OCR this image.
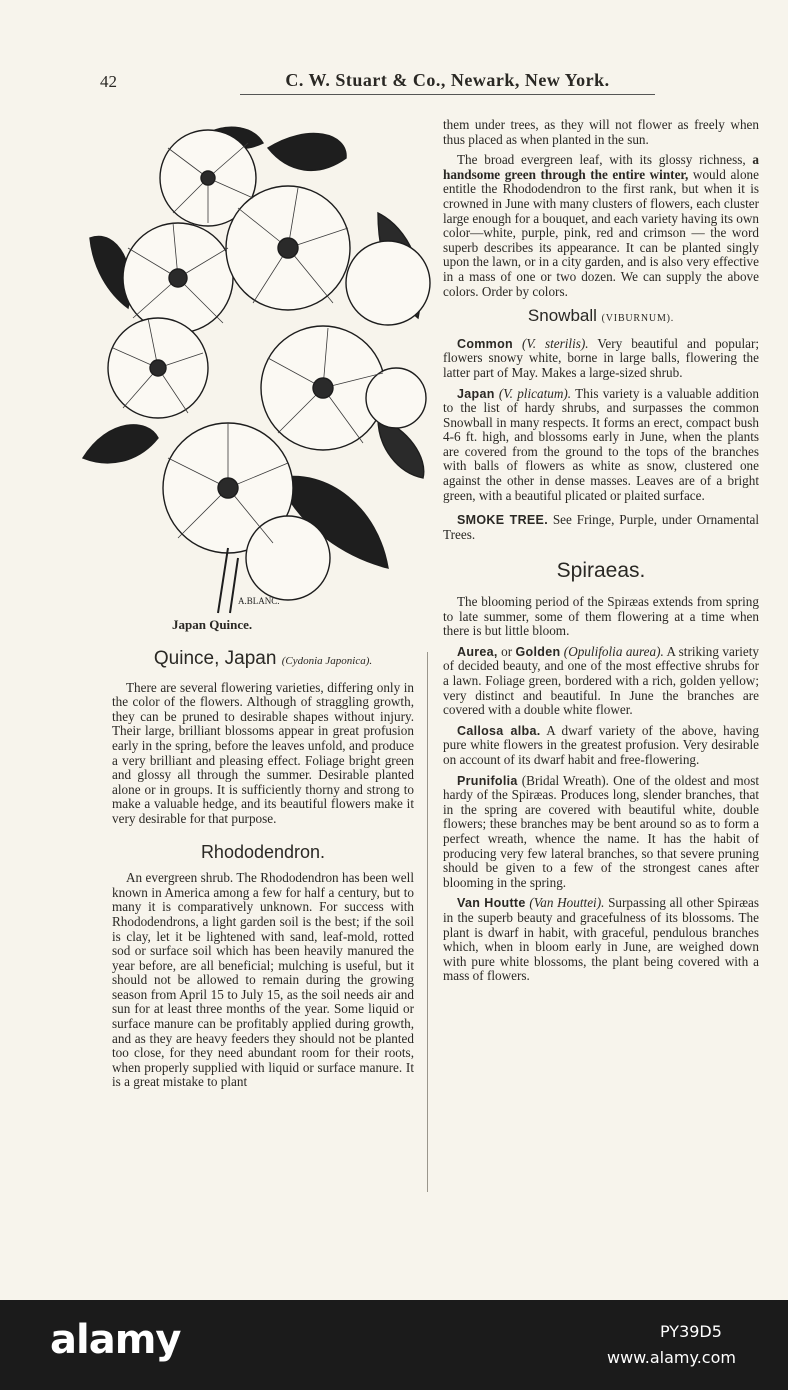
42	C. W. Stuart & Co., Newark, New York.
A.BLANC.
Japan Quince.
Quince, Japan (Cydonia Japonica).

There are several flowering varieties, differing only in the color of the flowers. Although of straggling growth, they can be pruned to desirable shapes without injury. Their large, brilliant blossoms appear in great profusion early in the spring, before the leaves unfold, and produce a very brilliant and pleasing effect. Foliage bright green and glossy all through the summer. Desirable planted alone or in groups. It is sufficiently thorny and strong to make a valuable hedge, and its beautiful flowers make it very desirable for that purpose.

Rhododendron.

An evergreen shrub. The Rhododendron has been well known in America among a few for half a century, but to many it is comparatively unknown. For success with Rhododendrons, a light garden soil is the best; if the soil is clay, let it be lightened with sand, leaf-mold, rotted sod or surface soil which has been heavily manured the year before, are all beneficial; mulching is useful, but it should not be allowed to remain during the growing season from April 15 to July 15, as the soil needs air and sun for at least three months of the year. Some liquid or surface manure can be profitably applied during growth, and as they are heavy feeders they should not be planted too close, for they need abundant room for their roots, when properly supplied with liquid or surface manure. It is a great mistake to plant

them under trees, as they will not flower as freely when thus placed as when planted in the sun.

The broad evergreen leaf, with its glossy richness, a handsome green through the entire winter, would alone entitle the Rhododendron to the first rank, but when it is crowned in June with many clusters of flowers, each cluster large enough for a bouquet, and each variety having its own color—white, purple, pink, red and crimson — the word superb describes its appearance. It can be planted singly upon the lawn, or in a city garden, and is also very effective in a mass of one or two dozen. We can supply the above colors. Order by colors.

Snowball (VIBURNUM).

Common (V. sterilis). Very beautiful and popular; flowers snowy white, borne in large balls, flowering the latter part of May. Makes a large-sized shrub.

Japan (V. plicatum). This variety is a valuable addition to the list of hardy shrubs, and surpasses the common Snowball in many respects. It forms an erect, compact bush 4-6 ft. high, and blossoms early in June, when the plants are covered from the ground to the tops of the branches with balls of flowers as white as snow, clustered one against the other in dense masses. Leaves are of a bright green, with a beautiful plicated or plaited surface.

SMOKE TREE. See Fringe, Purple, under Ornamental Trees.

Spiraeas.

The blooming period of the Spiræas extends from spring to late summer, some of them flowering at a time when there is but little bloom.

Aurea, or Golden (Opulifolia aurea). A striking variety of decided beauty, and one of the most effective shrubs for a lawn. Foliage green, bordered with a rich, golden yellow; very distinct and beautiful. In June the branches are covered with a double white flower.

Callosa alba. A dwarf variety of the above, having pure white flowers in the greatest profusion. Very desirable on account of its dwarf habit and free-flowering.

Prunifolia (Bridal Wreath). One of the oldest and most hardy of the Spiræas. Produces long, slender branches, that in the spring are covered with beautiful white, double flowers; these branches may be bent around so as to form a perfect wreath, whence the name. It has the habit of producing very few lateral branches, so that severe pruning should be given to a few of the strongest canes after blooming in the spring.

Van Houtte (Van Houttei). Surpassing all other Spiræas in the superb beauty and gracefulness of its blossoms. The plant is dwarf in habit, with graceful, pendulous branches which, when in bloom early in June, are weighed down with pure white blossoms, the plant being covered with a mass of flowers.

alamy	PY39D5
www.alamy.com
